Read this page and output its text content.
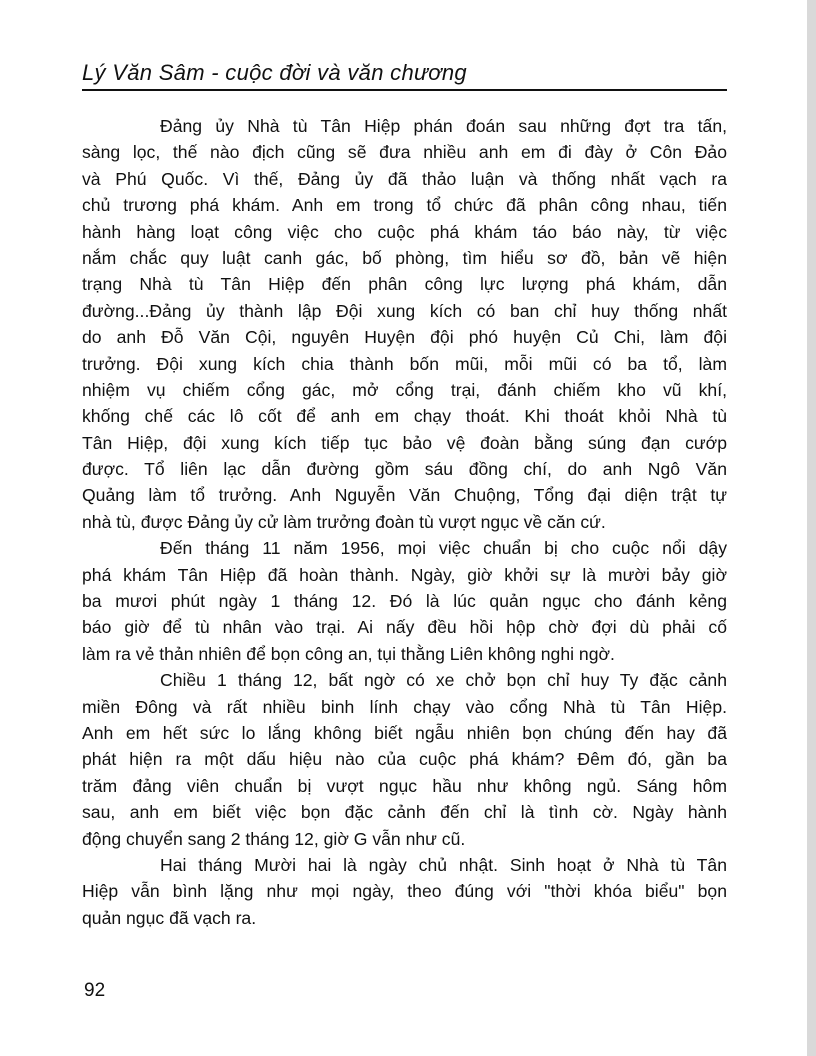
Lý Văn Sâm - cuộc đời và văn chương
Đảng ủy Nhà tù Tân Hiệp phán đoán sau những đợt tra tấn,
sàng lọc, thế nào địch cũng sẽ đưa nhiều anh em đi đày ở Côn Đảo
và Phú Quốc. Vì thế, Đảng ủy đã thảo luận và thống nhất vạch ra
chủ trương phá khám. Anh em trong tổ chức đã phân công nhau, tiến
hành hàng loạt công việc cho cuộc phá khám táo báo này, từ việc
nắm chắc quy luật canh gác, bố phòng, tìm hiểu sơ đồ, bản vẽ hiện
trạng Nhà tù Tân Hiệp đến phân công lực lượng phá khám, dẫn
đường...Đảng ủy thành lập Đội xung kích có ban chỉ huy thống nhất
do anh Đỗ Văn Cội, nguyên Huyện đội phó huyện Củ Chi, làm đội
trưởng. Đội xung kích chia thành bốn mũi, mỗi mũi có ba tổ, làm
nhiệm vụ chiếm cổng gác, mở cổng trại, đánh chiếm kho vũ khí,
khống chế các lô cốt để anh em chạy thoát. Khi thoát khỏi Nhà tù
Tân Hiệp, đội xung kích tiếp tục bảo vệ đoàn bằng súng đạn cướp
được. Tổ liên lạc dẫn đường gồm sáu đồng chí, do anh Ngô Văn
Quảng làm tổ trưởng. Anh Nguyễn Văn Chuộng, Tổng đại diện trật tự
nhà tù, được Đảng ủy cử làm trưởng đoàn tù vượt ngục về căn cứ.
Đến tháng 11 năm 1956, mọi việc chuẩn bị cho cuộc nổi dậy
phá khám Tân Hiệp đã hoàn thành. Ngày, giờ khởi sự là mười bảy giờ
ba mươi phút ngày 1 tháng 12. Đó là lúc quản ngục cho đánh kẻng
báo giờ để tù nhân vào trại. Ai nấy đều hồi hộp chờ đợi dù phải cố
làm ra vẻ thản nhiên để bọn công an, tụi thằng Liên không nghi ngờ.
Chiều 1 tháng 12, bất ngờ có xe chở bọn chỉ huy Ty đặc cảnh
miền Đông và rất nhiều binh lính chạy vào cổng Nhà tù Tân Hiệp.
Anh em hết sức lo lắng không biết ngẫu nhiên bọn chúng đến hay đã
phát hiện ra một dấu hiệu nào của cuộc phá khám? Đêm đó, gần ba
trăm đảng viên chuẩn bị vượt ngục hầu như không ngủ. Sáng hôm
sau, anh em biết việc bọn đặc cảnh đến chỉ là tình cờ. Ngày hành
động chuyển sang 2 tháng 12, giờ G vẫn như cũ.
Hai tháng Mười hai là ngày chủ nhật. Sinh hoạt ở Nhà tù Tân
Hiệp vẫn bình lặng như mọi ngày, theo đúng với "thời khóa biểu" bọn
quản ngục đã vạch ra.
92
